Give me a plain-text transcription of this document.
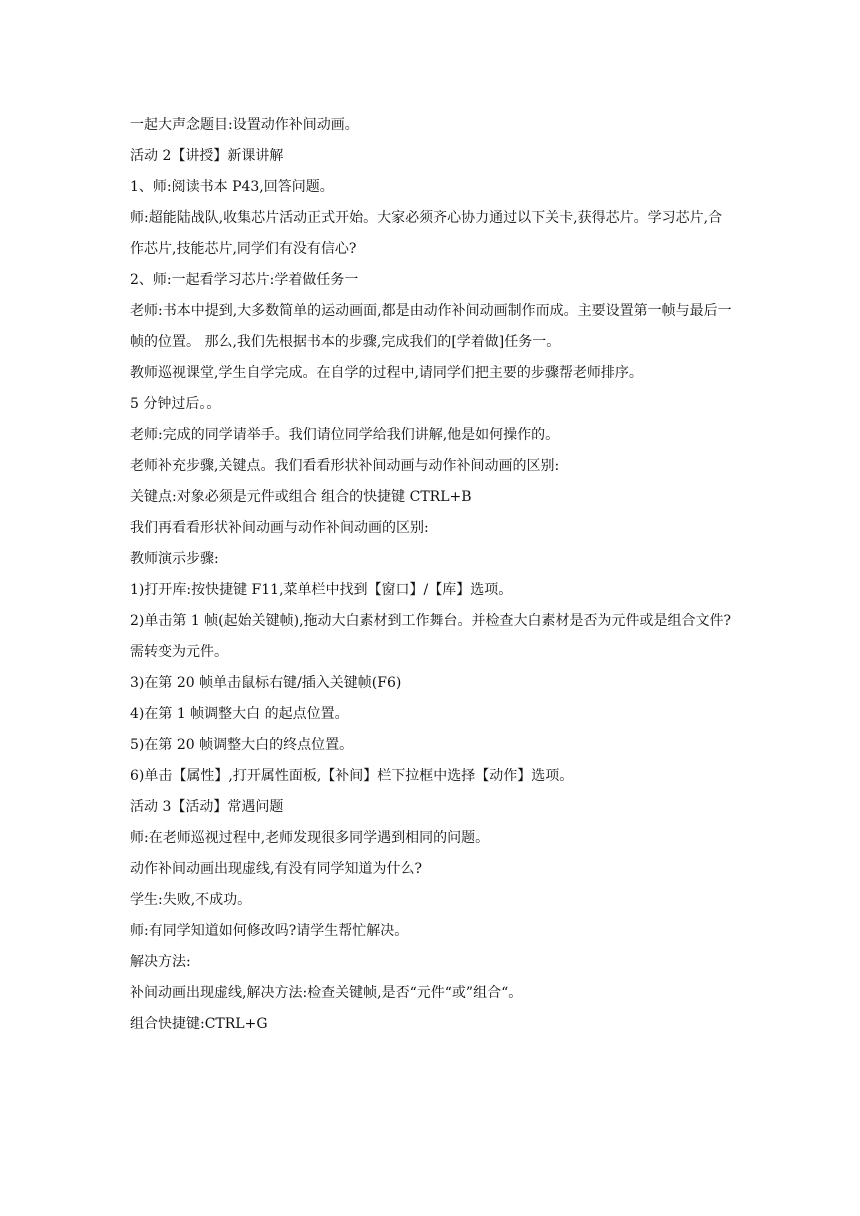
一起大声念题目:设置动作补间动画。

活动 2【讲授】新课讲解

1、师:阅读书本 P43,回答问题。

师:超能陆战队,收集芯片活动正式开始。大家必须齐心协力通过以下关卡,获得芯片。学习芯片,合作芯片,技能芯片,同学们有没有信心?

2、师:一起看学习芯片:学着做任务一

老师:书本中提到,大多数简单的运动画面,都是由动作补间动画制作而成。主要设置第一帧与最后一帧的位置。 那么,我们先根据书本的步骤,完成我们的[学着做]任务一。

教师巡视课堂,学生自学完成。在自学的过程中,请同学们把主要的步骤帮老师排序。

5 分钟过后。。

老师:完成的同学请举手。我们请位同学给我们讲解,他是如何操作的。

老师补充步骤,关键点。我们看看形状补间动画与动作补间动画的区别:

关键点:对象必须是元件或组合 组合的快捷键 CTRL+B

我们再看看形状补间动画与动作补间动画的区别:

教师演示步骤:

1)打开库:按快捷键 F11,菜单栏中找到【窗口】/【库】选项。

2)单击第 1 帧(起始关键帧),拖动大白素材到工作舞台。并检查大白素材是否为元件或是组合文件?需转变为元件。

3)在第 20 帧单击鼠标右键/插入关键帧(F6)

4)在第 1 帧调整大白 的起点位置。

5)在第 20 帧调整大白的终点位置。

6)单击【属性】,打开属性面板,【补间】栏下拉框中选择【动作】选项。

活动 3【活动】常遇问题

师:在老师巡视过程中,老师发现很多同学遇到相同的问题。

动作补间动画出现虚线,有没有同学知道为什么?

学生:失败,不成功。

师:有同学知道如何修改吗?请学生帮忙解决。

解决方法:

补间动画出现虚线,解决方法:检查关键帧,是否“元件“或”组合“。

组合快捷键:CTRL+G
